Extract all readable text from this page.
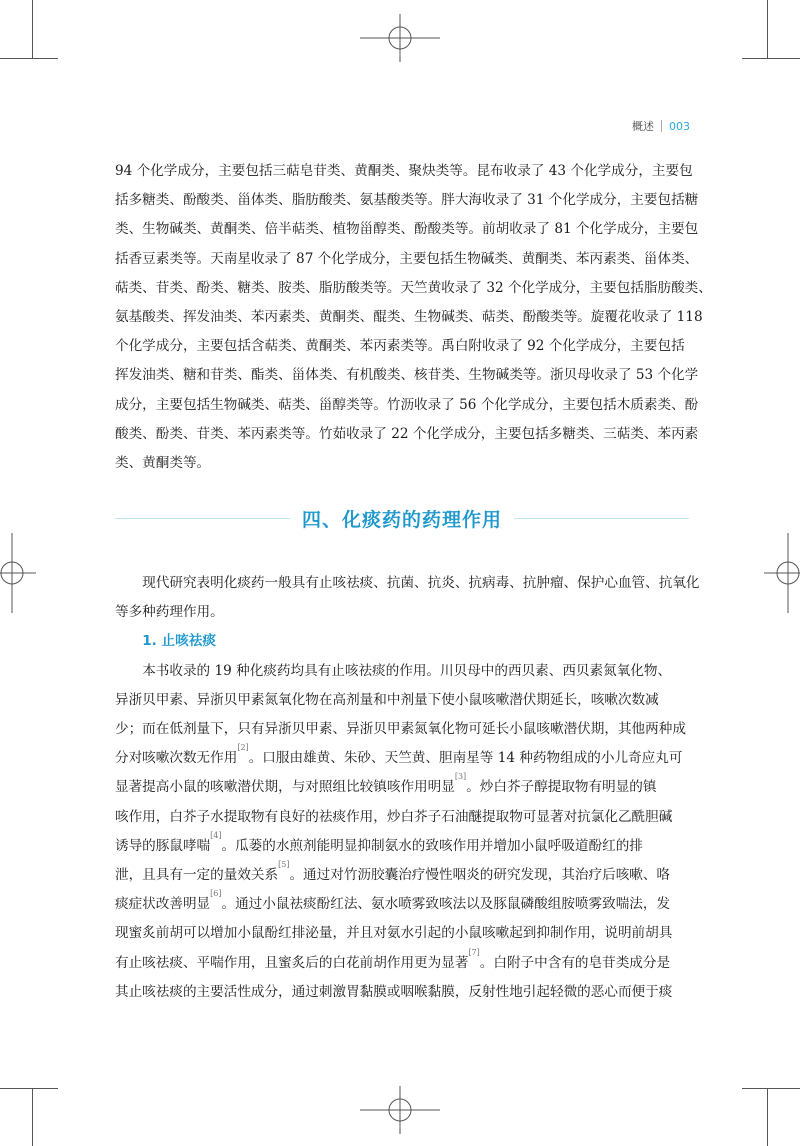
概述 003
94 个化学成分，主要包括三萜皂苷类、黄酮类、聚炔类等。昆布收录了 43 个化学成分，主要包
括多糖类、酚酸类、甾体类、脂肪酸类、氨基酸类等。胖大海收录了 31 个化学成分，主要包括糖
类、生物碱类、黄酮类、倍半萜类、植物甾醇类、酚酸类等。前胡收录了 81 个化学成分，主要包
括香豆素类等。天南星收录了 87 个化学成分，主要包括生物碱类、黄酮类、苯丙素类、甾体类、
萜类、苷类、酚类、糖类、胺类、脂肪酸类等。天竺黄收录了 32 个化学成分，主要包括脂肪酸类、
氨基酸类、挥发油类、苯丙素类、黄酮类、醌类、生物碱类、萜类、酚酸类等。旋覆花收录了 118
个化学成分，主要包括含萜类、黄酮类、苯丙素类等。禹白附收录了 92 个化学成分，主要包括
挥发油类、糖和苷类、酯类、甾体类、有机酸类、核苷类、生物碱类等。浙贝母收录了 53 个化学
成分，主要包括生物碱类、萜类、甾醇类等。竹沥收录了 56 个化学成分，主要包括木质素类、酚
酸类、酚类、苷类、苯丙素类等。竹茹收录了 22 个化学成分，主要包括多糖类、三萜类、苯丙素
类、黄酮类等。
四、化痰药的药理作用
现代研究表明化痰药一般具有止咳祛痰、抗菌、抗炎、抗病毒、抗肿瘤、保护心血管、抗氧化
等多种药理作用。
1. 止咳祛痰
本书收录的 19 种化痰药均具有止咳祛痰的作用。川贝母中的西贝素、西贝素氮氧化物、
异浙贝甲素、异浙贝甲素氮氧化物在高剂量和中剂量下使小鼠咳嗽潜伏期延长，咳嗽次数减
少；而在低剂量下，只有异浙贝甲素、异浙贝甲素氮氧化物可延长小鼠咳嗽潜伏期，其他两种成
分对咳嗽次数无作用[2]。口服由雄黄、朱砂、天竺黄、胆南星等 14 种药物组成的小儿奇应丸可
显著提高小鼠的咳嗽潜伏期，与对照组比较镇咳作用明显[3]。炒白芥子醇提取物有明显的镇
咳作用，白芥子水提取物有良好的祛痰作用，炒白芥子石油醚提取物可显著对抗氯化乙酰胆碱
诱导的豚鼠哮喘[4]。瓜蒌的水煎剂能明显抑制氨水的致咳作用并增加小鼠呼吸道酚红的排
泄，且具有一定的量效关系[5]。通过对竹沥胶囊治疗慢性咽炎的研究发现，其治疗后咳嗽、咯
痰症状改善明显[6]。通过小鼠祛痰酚红法、氨水喷雾致咳法以及豚鼠磷酸组胺喷雾致喘法，发
现蜜炙前胡可以增加小鼠酚红排泌量，并且对氨水引起的小鼠咳嗽起到抑制作用，说明前胡具
有止咳祛痰、平喘作用，且蜜炙后的白花前胡作用更为显著[7]。白附子中含有的皂苷类成分是
其止咳祛痰的主要活性成分，通过刺激胃黏膜或咽喉黏膜，反射性地引起轻微的恶心而便于痰
